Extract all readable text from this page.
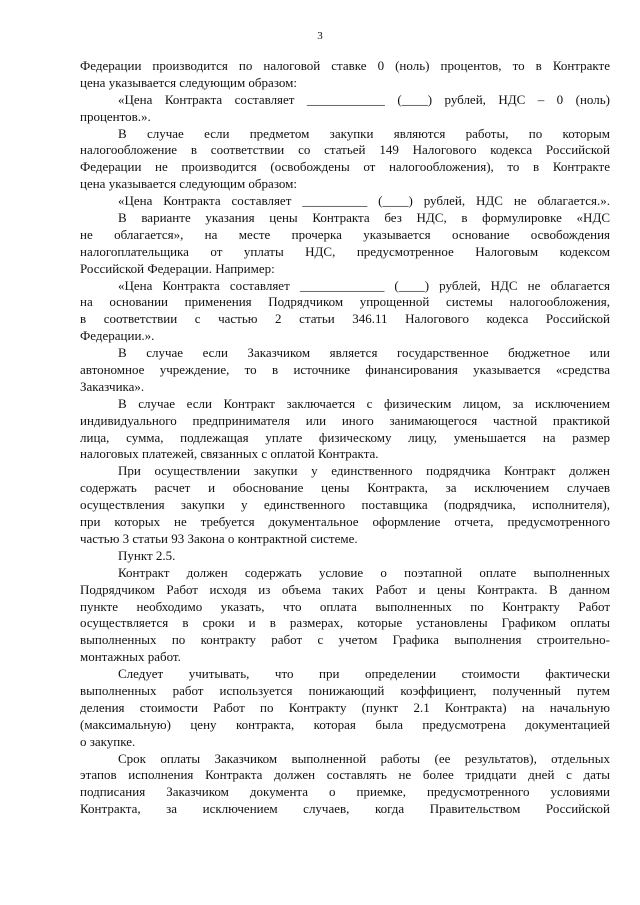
3
Федерации производится по налоговой ставке 0 (ноль) процентов, то в Контракте
цена указывается следующим образом:
«Цена Контракта составляет ____________ (____) рублей, НДС – 0 (ноль)
процентов.».
В случае если предметом закупки являются работы, по которым
налогообложение в соответствии со статьей 149 Налогового кодекса Российской
Федерации не производится (освобождены от налогообложения), то в Контракте
цена указывается следующим образом:
«Цена Контракта составляет __________ (____) рублей, НДС не облагается.».
В варианте указания цены Контракта без НДС, в формулировке «НДС
не облагается», на месте прочерка указывается основание освобождения
налогоплательщика от уплаты НДС, предусмотренное Налоговым кодексом
Российской Федерации. Например:
«Цена Контракта составляет _____________ (____) рублей, НДС не облагается
на основании применения Подрядчиком упрощенной системы налогообложения,
в соответствии с частью 2 статьи 346.11 Налогового кодекса Российской
Федерации.».
В случае если Заказчиком является государственное бюджетное или
автономное учреждение, то в источнике финансирования указывается «средства
Заказчика».
В случае если Контракт заключается с физическим лицом, за исключением
индивидуального предпринимателя или иного занимающегося частной практикой
лица, сумма, подлежащая уплате физическому лицу, уменьшается на размер
налоговых платежей, связанных с оплатой Контракта.
При осуществлении закупки у единственного подрядчика Контракт должен
содержать расчет и обоснование цены Контракта, за исключением случаев
осуществления закупки у единственного поставщика (подрядчика, исполнителя),
при которых не требуется документальное оформление отчета, предусмотренного
частью 3 статьи 93 Закона о контрактной системе.
Пункт 2.5.
Контракт должен содержать условие о поэтапной оплате выполненных
Подрядчиком Работ исходя из объема таких Работ и цены Контракта. В данном
пункте необходимо указать, что оплата выполненных по Контракту Работ
осуществляется в сроки и в размерах, которые установлены Графиком оплаты
выполненных по контракту работ с учетом Графика выполнения строительно-
монтажных работ.
Следует учитывать, что при определении стоимости фактически
выполненных работ используется понижающий коэффициент, полученный путем
деления стоимости Работ по Контракту (пункт 2.1 Контракта) на начальную
(максимальную) цену контракта, которая была предусмотрена документацией
о закупке.
Срок оплаты Заказчиком выполненной работы (ее результатов), отдельных
этапов исполнения Контракта должен составлять не более тридцати дней с даты
подписания Заказчиком документа о приемке, предусмотренного условиями
Контракта, за исключением случаев, когда Правительством Российской
